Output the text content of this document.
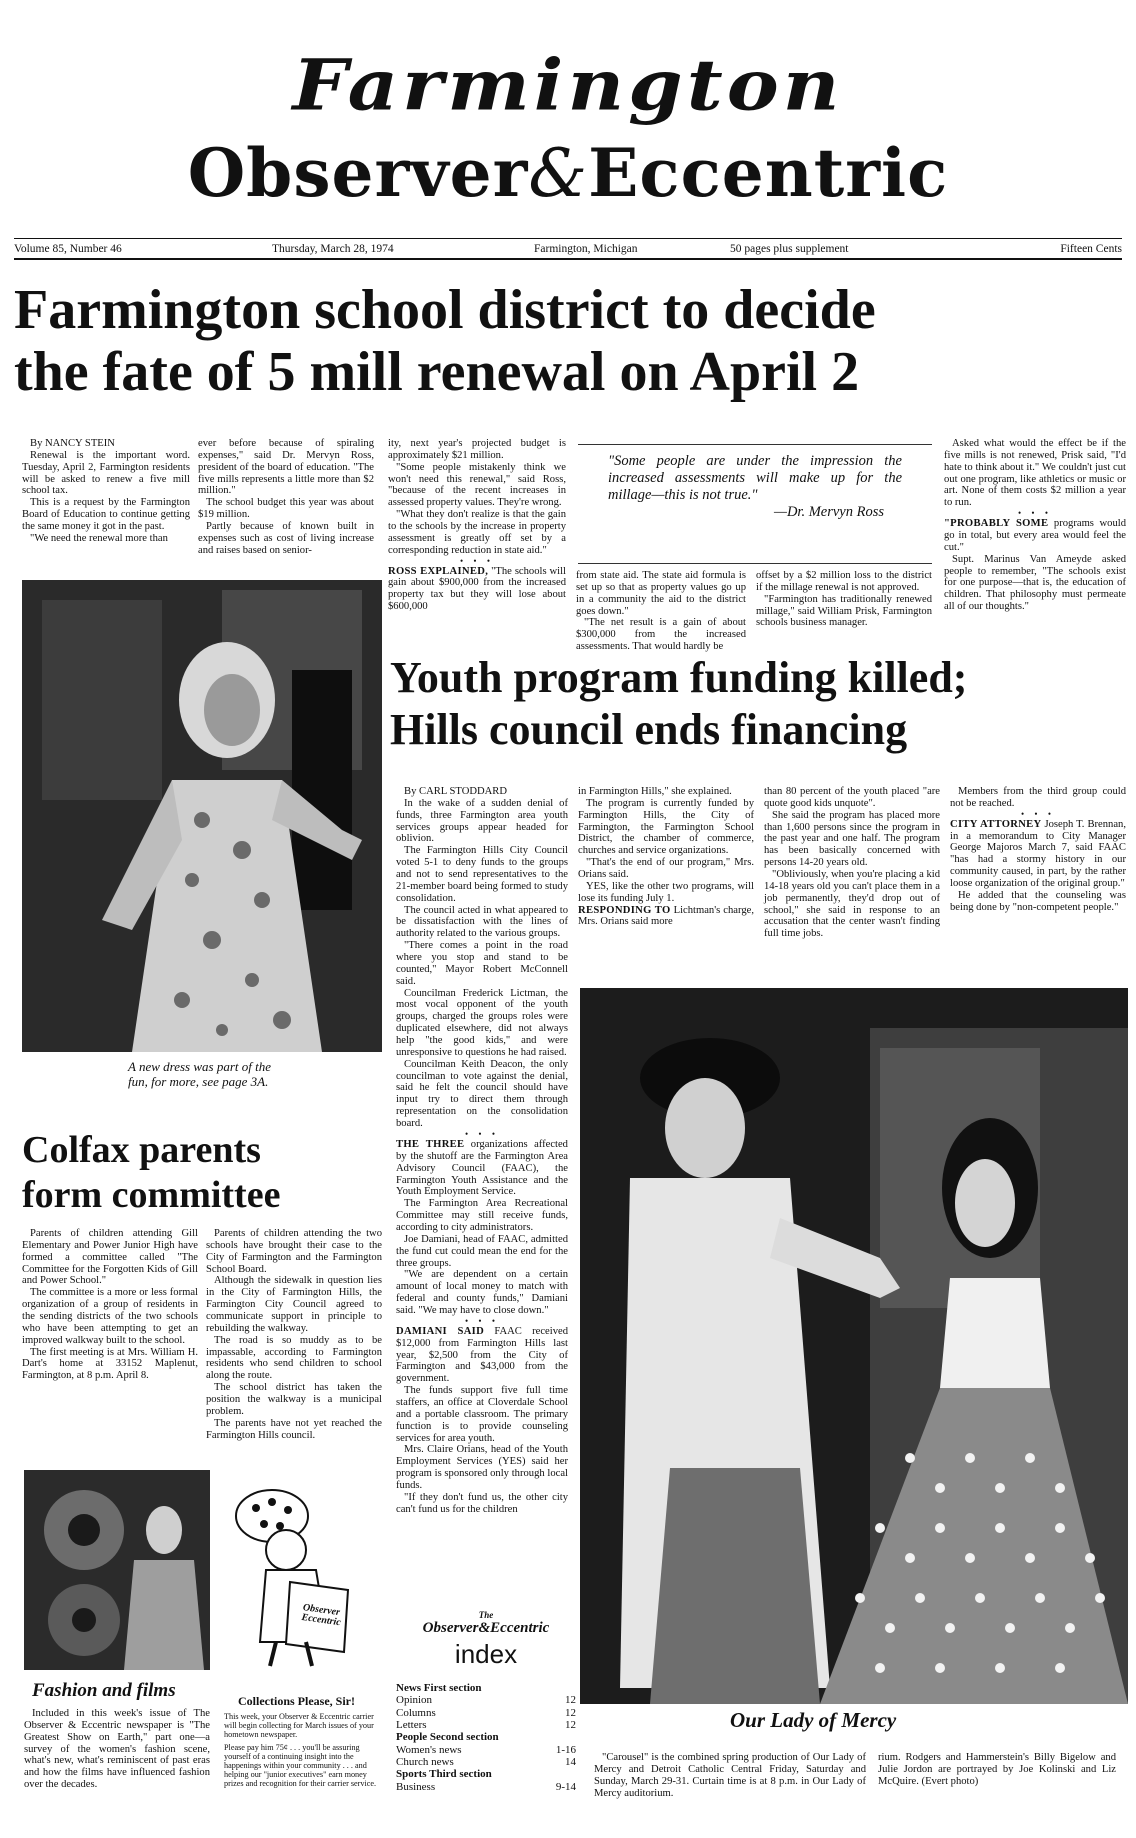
Farmington
Observer&Eccentric
Volume 85, Number 46	Thursday, March 28, 1974	Farmington, Michigan	50 pages plus supplement	Fifteen Cents
Farmington school district to decide
the fate of 5 mill renewal on April 2

By NANCY STEIN

Renewal is the important word. Tuesday, April 2, Farmington residents will be asked to renew a five mill school tax.

This is a request by the Farmington Board of Education to continue getting the same money it got in the past.

"We need the renewal more than

ever before because of spiraling expenses," said Dr. Mervyn Ross, president of the board of education. "The five mills represents a little more than $2 million."

The school budget this year was about $19 million.

Partly because of known built in expenses such as cost of living increase and raises based on senior-

ity, next year's projected budget is approximately $21 million.

"Some people mistakenly think we won't need this renewal," said Ross, "because of the recent increases in assessed property values. They're wrong.

"What they don't realize is that the gain to the schools by the increase in property assessment is greatly off set by a corresponding reduction in state aid."

• • •

ROSS EXPLAINED, "The schools will gain about $900,000 from the increased property tax but they will lose about $600,000

"Some people are under the impression the increased assessments will make up for the millage—this is not true."
—Dr. Mervyn Ross

from state aid. The state aid formula is set up so that as property values go up in a community the aid to the district goes down."

"The net result is a gain of about $300,000 from the increased assessments. That would hardly be

offset by a $2 million loss to the district if the millage renewal is not approved.

"Farmington has traditionally renewed millage," said William Prisk, Farmington schools business manager.

Asked what would the effect be if the five mills is not renewed, Prisk said, "I'd hate to think about it." We couldn't just cut out one program, like athletics or music or art. None of them costs $2 million a year to run.

• • •

"PROBABLY SOME programs would go in total, but every area would feel the cut."

Supt. Marinus Van Ameyde asked people to remember, "The schools exist for one purpose—that is, the education of children. That philosophy must permeate all of our thoughts."

A new dress was part of the fun, for more, see page 3A.
Youth program funding killed;
Hills council ends financing

By CARL STODDARD

In the wake of a sudden denial of funds, three Farmington area youth services groups appear headed for oblivion.

The Farmington Hills City Council voted 5-1 to deny funds to the groups and not to send representatives to the 21-member board being formed to study consolidation.

The council acted in what appeared to be dissatisfaction with the lines of authority related to the various groups.

"There comes a point in the road where you stop and stand to be counted," Mayor Robert McConnell said.

Councilman Frederick Lictman, the most vocal opponent of the youth groups, charged the groups roles were duplicated elsewhere, did not always help "the good kids," and were unresponsive to questions he had raised.

Councilman Keith Deacon, the only councilman to vote against the denial, said he felt the council should have input try to direct them through representation on the consolidation board.

• • •

THE THREE organizations affected by the shutoff are the Farmington Area Advisory Council (FAAC), the Farmington Youth Assistance and the Youth Employment Service.

The Farmington Area Recreational Committee may still receive funds, according to city administrators.

Joe Damiani, head of FAAC, admitted the fund cut could mean the end for the three groups.

"We are dependent on a certain amount of local money to match with federal and county funds," Damiani said. "We may have to close down."

• • •

DAMIANI SAID FAAC received $12,000 from Farmington Hills last year, $2,500 from the City of Farmington and $43,000 from the government.

The funds support five full time staffers, an office at Cloverdale School and a portable classroom. The primary function is to provide counseling services for area youth.

Mrs. Claire Orians, head of the Youth Employment Services (YES) said her program is sponsored only through local funds.

"If they don't fund us, the other city can't fund us for the children

in Farmington Hills," she explained.

The program is currently funded by Farmington Hills, the City of Farmington, the Farmington School District, the chamber of commerce, churches and service organizations.

"That's the end of our program," Mrs. Orians said.

YES, like the other two programs, will lose its funding July 1.

RESPONDING TO Lichtman's charge, Mrs. Orians said more

than 80 percent of the youth placed "are quote good kids unquote".

She said the program has placed more than 1,600 persons since the program in the past year and one half. The program has been basically concerned with persons 14-20 years old.

"Obliviously, when you're placing a kid 14-18 years old you can't place them in a job permanently, they'd drop out of school," she said in response to an accusation that the center wasn't finding full time jobs.

Members from the third group could not be reached.

• • •

CITY ATTORNEY Joseph T. Brennan, in a memorandum to City Manager George Majoros March 7, said FAAC "has had a stormy history in our community caused, in part, by the rather loose organization of the original group."

He added that the counseling was being done by "non-competent people."

Colfax parents
form committee

Parents of children attending Gill Elementary and Power Junior High have formed a committee called "The Committee for the Forgotten Kids of Gill and Power School."

The committee is a more or less formal organization of a group of residents in the sending districts of the two schools who have been attempting to get an improved walkway built to the school.

The first meeting is at Mrs. William H. Dart's home at 33152 Maplenut, Farmington, at 8 p.m. April 8.

Parents of children attending the two schools have brought their case to the City of Farmington and the Farmington School Board.

Although the sidewalk in question lies in the City of Farmington Hills, the Farmington City Council agreed to communicate support in principle to rebuilding the walkway.

The road is so muddy as to be impassable, according to Farmington residents who send children to school along the route.

The school district has taken the position the walkway is a municipal problem.

The parents have not yet reached the Farmington Hills council.

Fashion and films

Included in this week's issue of The Observer & Eccentric newspaper is "The Greatest Show on Earth," part one—a survey of the women's fashion scene, what's new, what's reminiscent of past eras and how the films have influenced fashion over the decades.

Observer Eccentric
Collections Please, Sir!
This week, your Observer & Eccentric carrier will begin collecting for March issues of your hometown newspaper.
Please pay him 75¢ . . . you'll be assuring yourself of a continuing insight into the happenings within your community . . . and helping our "junior executives" earn money prizes and recognition for their carrier service.
The
Observer&Eccentric
index
News First section
Opinion	12
Columns	12
Letters	12
People Second section
Women's news	1-16
Church news	14
Sports Third section
Business	9-14
Our Lady of Mercy

"Carousel" is the combined spring production of Our Lady of Mercy and Detroit Catholic Central Friday, Saturday and Sunday, March 29-31. Curtain time is at 8 p.m. in Our Lady of Mercy auditorium.

rium. Rodgers and Hammerstein's Billy Bigelow and Julie Jordon are portrayed by Joe Kolinski and Liz McQuire. (Evert photo)
